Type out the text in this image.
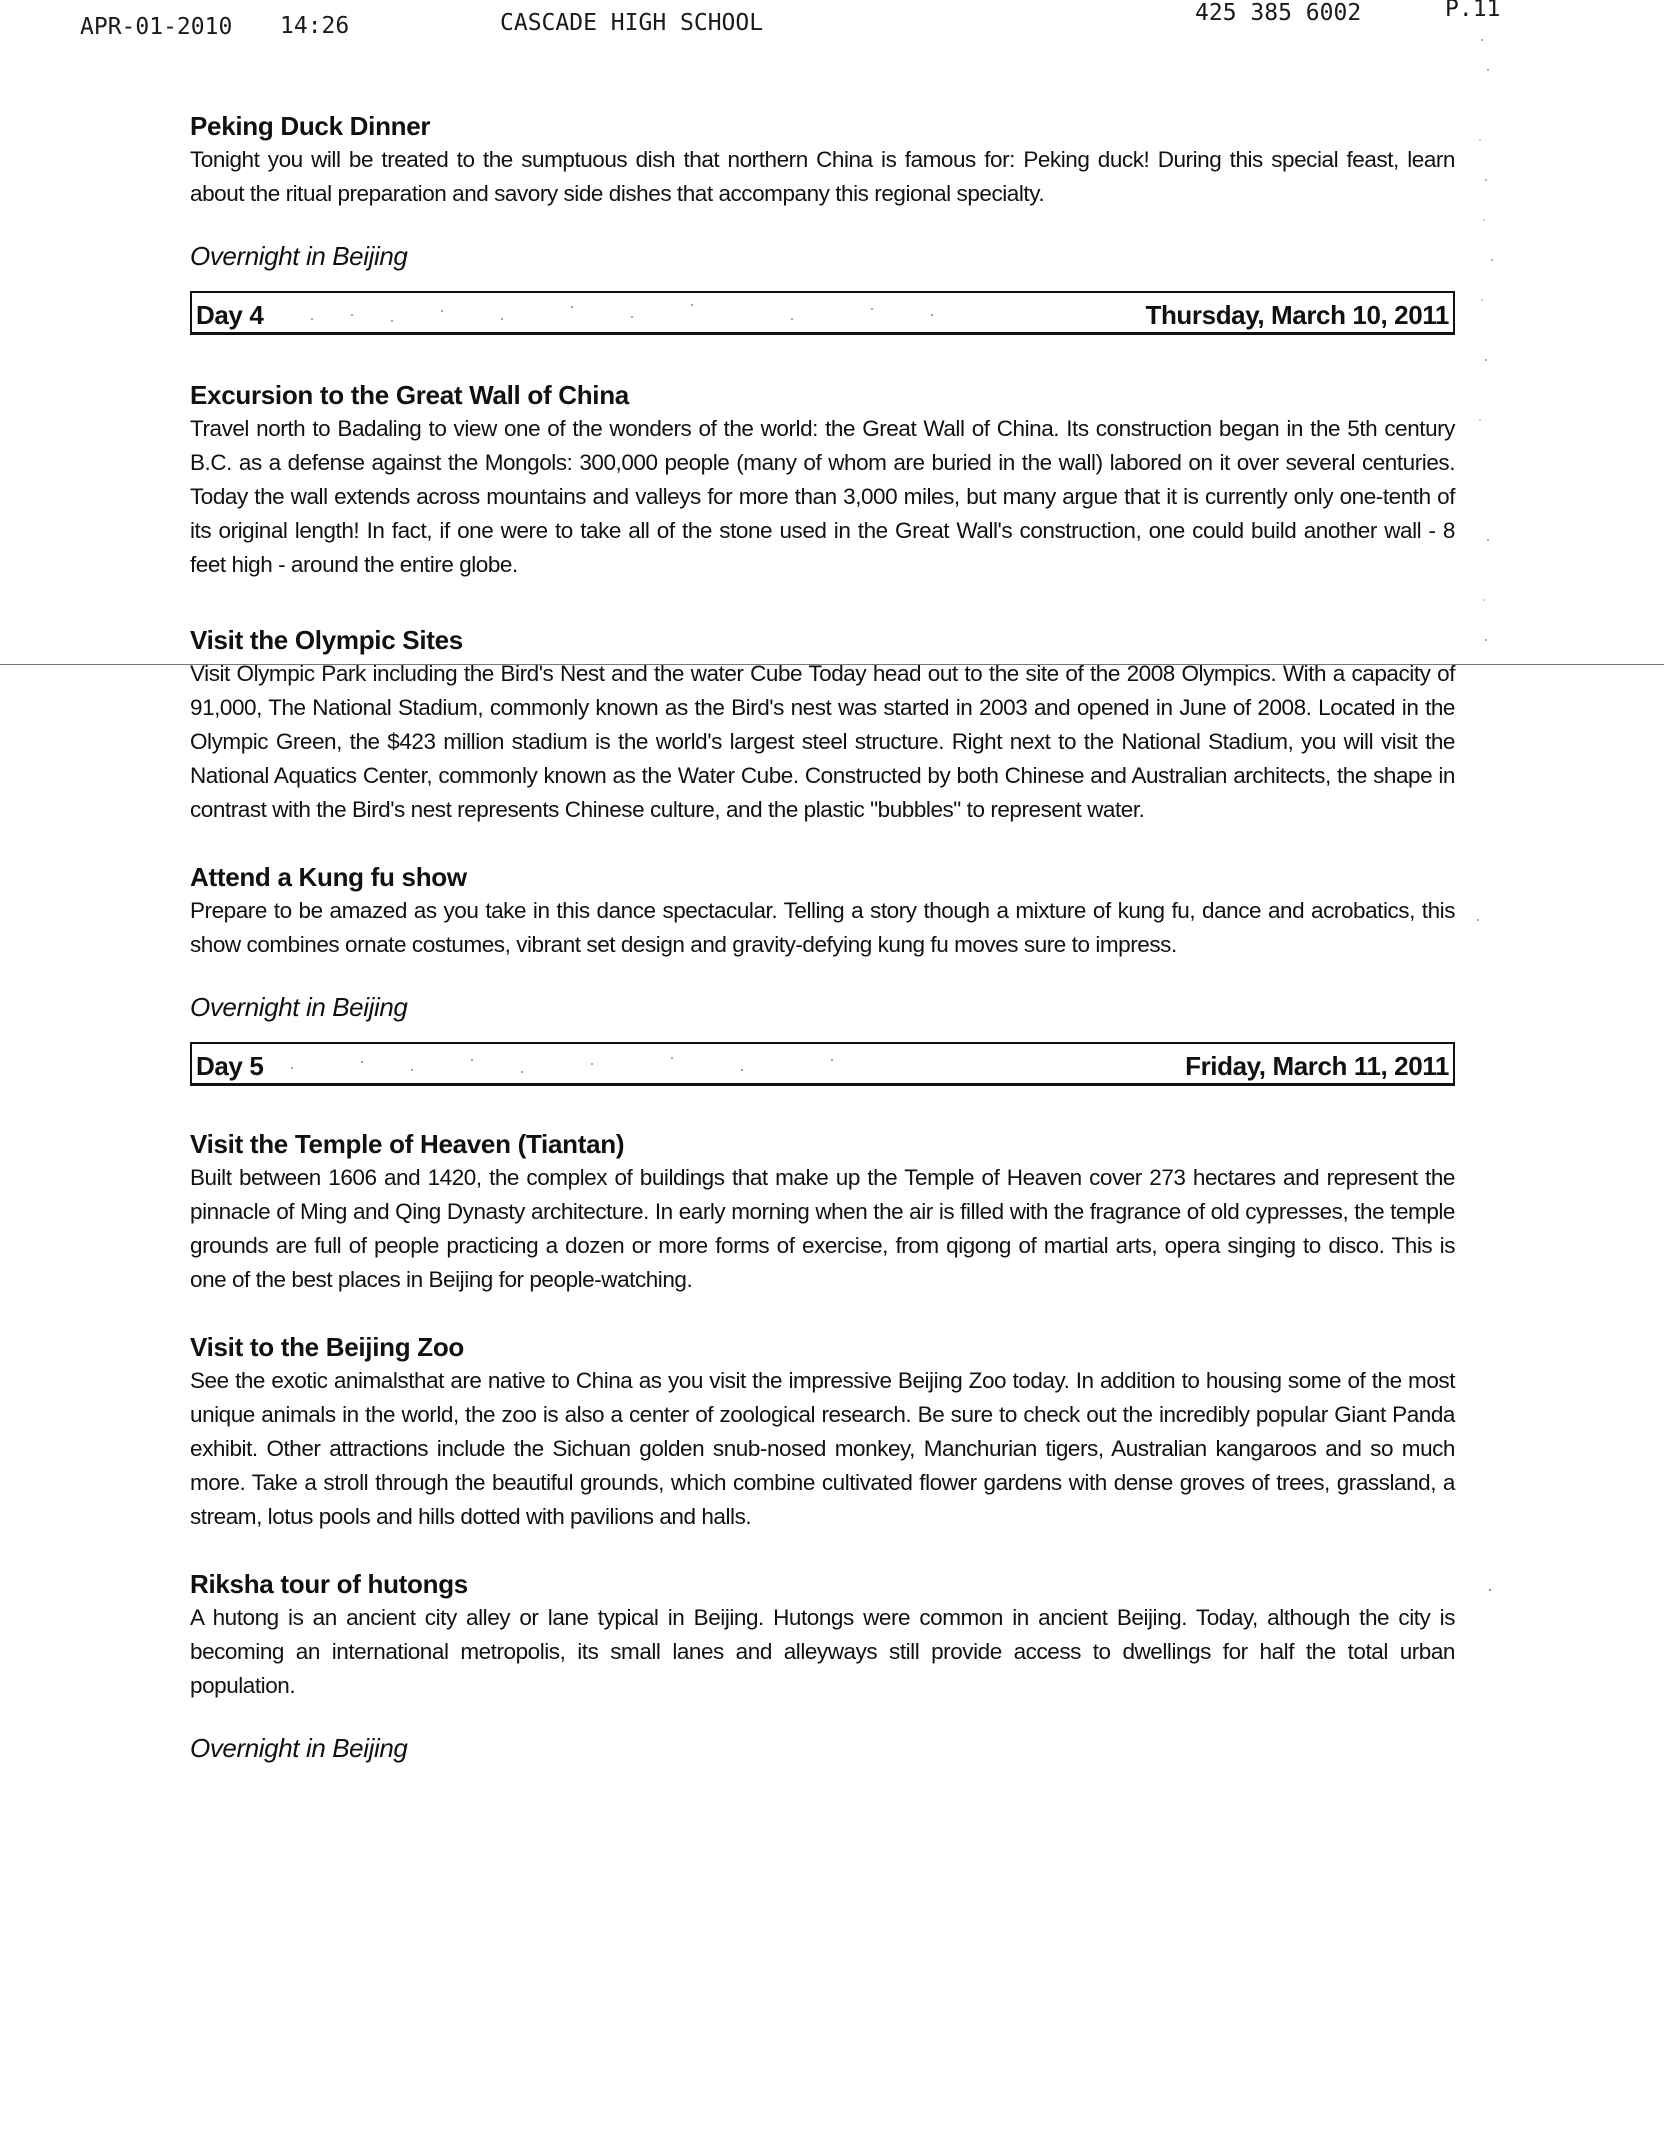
APR-01-2010 14:26	CASCADE HIGH SCHOOL	425 385 6002	P.11
Peking Duck Dinner

Tonight you will be treated to the sumptuous dish that northern China is famous for: Peking duck! During this special feast, learn about the ritual preparation and savory side dishes that accompany this regional specialty.

Overnight in Beijing

Day 4	Thursday, March 10, 2011
Excursion to the Great Wall of China

Travel north to Badaling to view one of the wonders of the world: the Great Wall of China. Its construction began in the 5th century B.C. as a defense against the Mongols: 300,000 people (many of whom are buried in the wall) labored on it over several centuries. Today the wall extends across mountains and valleys for more than 3,000 miles, but many argue that it is currently only one-tenth of its original length! In fact, if one were to take all of the stone used in the Great Wall's construction, one could build another wall - 8 feet high - around the entire globe.

Visit the Olympic Sites

Visit Olympic Park including the Bird's Nest and the water Cube Today head out to the site of the 2008 Olympics. With a capacity of 91,000, The National Stadium, commonly known as the Bird's nest was started in 2003 and opened in June of 2008. Located in the Olympic Green, the $423 million stadium is the world's largest steel structure. Right next to the National Stadium, you will visit the National Aquatics Center, commonly known as the Water Cube. Constructed by both Chinese and Australian architects, the shape in contrast with the Bird's nest represents Chinese culture, and the plastic "bubbles" to represent water.

Attend a Kung fu show

Prepare to be amazed as you take in this dance spectacular. Telling a story though a mixture of kung fu, dance and acrobatics, this show combines ornate costumes, vibrant set design and gravity-defying kung fu moves sure to impress.

Overnight in Beijing

Day 5	Friday, March 11, 2011
Visit the Temple of Heaven (Tiantan)

Built between 1606 and 1420, the complex of buildings that make up the Temple of Heaven cover 273 hectares and represent the pinnacle of Ming and Qing Dynasty architecture. In early morning when the air is filled with the fragrance of old cypresses, the temple grounds are full of people practicing a dozen or more forms of exercise, from qigong of martial arts, opera singing to disco. This is one of the best places in Beijing for people-watching.

Visit to the Beijing Zoo

See the exotic animalsthat are native to China as you visit the impressive Beijing Zoo today. In addition to housing some of the most unique animals in the world, the zoo is also a center of zoological research. Be sure to check out the incredibly popular Giant Panda exhibit. Other attractions include the Sichuan golden snub-nosed monkey, Manchurian tigers, Australian kangaroos and so much more. Take a stroll through the beautiful grounds, which combine cultivated flower gardens with dense groves of trees, grassland, a stream, lotus pools and hills dotted with pavilions and halls.

Riksha tour of hutongs

A hutong is an ancient city alley or lane typical in Beijing. Hutongs were common in ancient Beijing. Today, although the city is becoming an international metropolis, its small lanes and alleyways still provide access to dwellings for half the total urban population.

Overnight in Beijing
